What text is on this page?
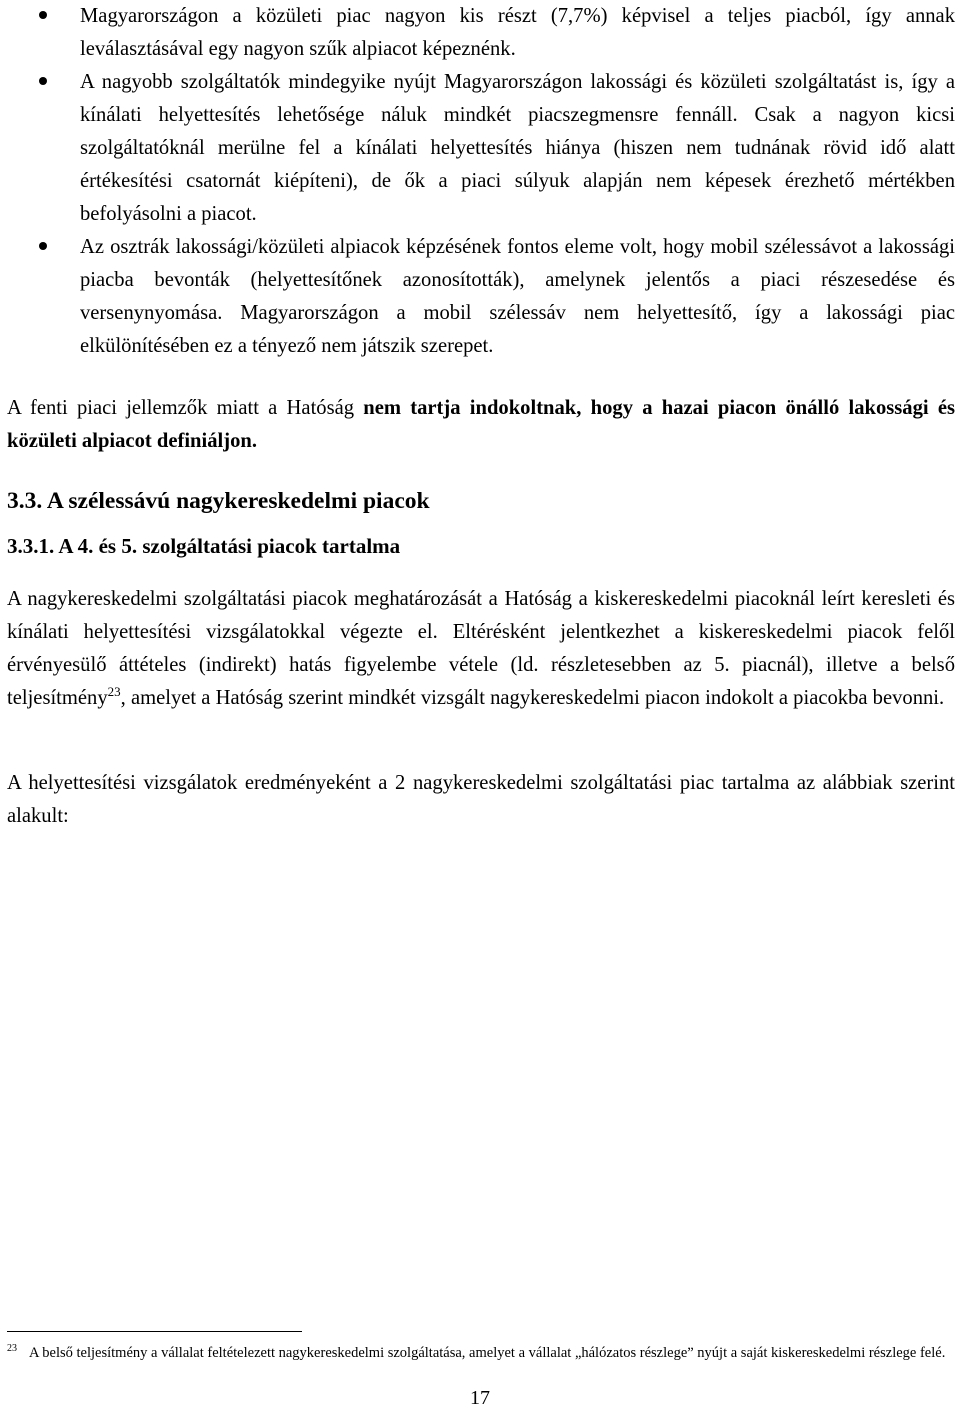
Magyarországon a közületi piac nagyon kis részt (7,7%) képvisel a teljes piacból, így annak leválasztásával egy nagyon szűk alpiacot képeznénk.
A nagyobb szolgáltatók mindegyike nyújt Magyarországon lakossági és közületi szolgáltatást is, így a kínálati helyettesítés lehetősége náluk mindkét piacszegmensre fennáll. Csak a nagyon kicsi szolgáltatóknál merülne fel a kínálati helyettesítés hiánya (hiszen nem tudnának rövid idő alatt értékesítési csatornát kiépíteni), de ők a piaci súlyuk alapján nem képesek érezhető mértékben befolyásolni a piacot.
Az osztrák lakossági/közületi alpiacok képzésének fontos eleme volt, hogy mobil szélessávot a lakossági piacba bevonták (helyettesítőnek azonosították), amelynek jelentős a piaci részesedése és versenynyomása. Magyarországon a mobil szélessáv nem helyettesítő, így a lakossági piac elkülönítésében ez a tényező nem játszik szerepet.

A fenti piaci jellemzők miatt a Hatóság nem tartja indokoltnak, hogy a hazai piacon önálló lakossági és közületi alpiacot definiáljon.

3.3. A szélessávú nagykereskedelmi piacok
3.3.1. A 4. és 5. szolgáltatási piacok tartalma

A nagykereskedelmi szolgáltatási piacok meghatározását a Hatóság a kiskereskedelmi piacoknál leírt keresleti és kínálati helyettesítési vizsgálatokkal végezte el. Eltérésként jelentkezhet a kiskereskedelmi piacok felől érvényesülő áttételes (indirekt) hatás figyelembe vétele (ld. részletesebben az 5. piacnál), illetve a belső teljesítmény$^{23}$, amelyet a Hatóság szerint mindkét vizsgált nagykereskedelmi piacon indokolt a piacokba bevonni.

A helyettesítési vizsgálatok eredményeként a 2 nagykereskedelmi szolgáltatási piac tartalma az alábbiak szerint alakult:

$^{23}$ A belső teljesítmény a vállalat feltételezett nagykereskedelmi szolgáltatása, amelyet a vállalat „hálózatos részlege” nyújt a saját kiskereskedelmi részlege felé.

17
